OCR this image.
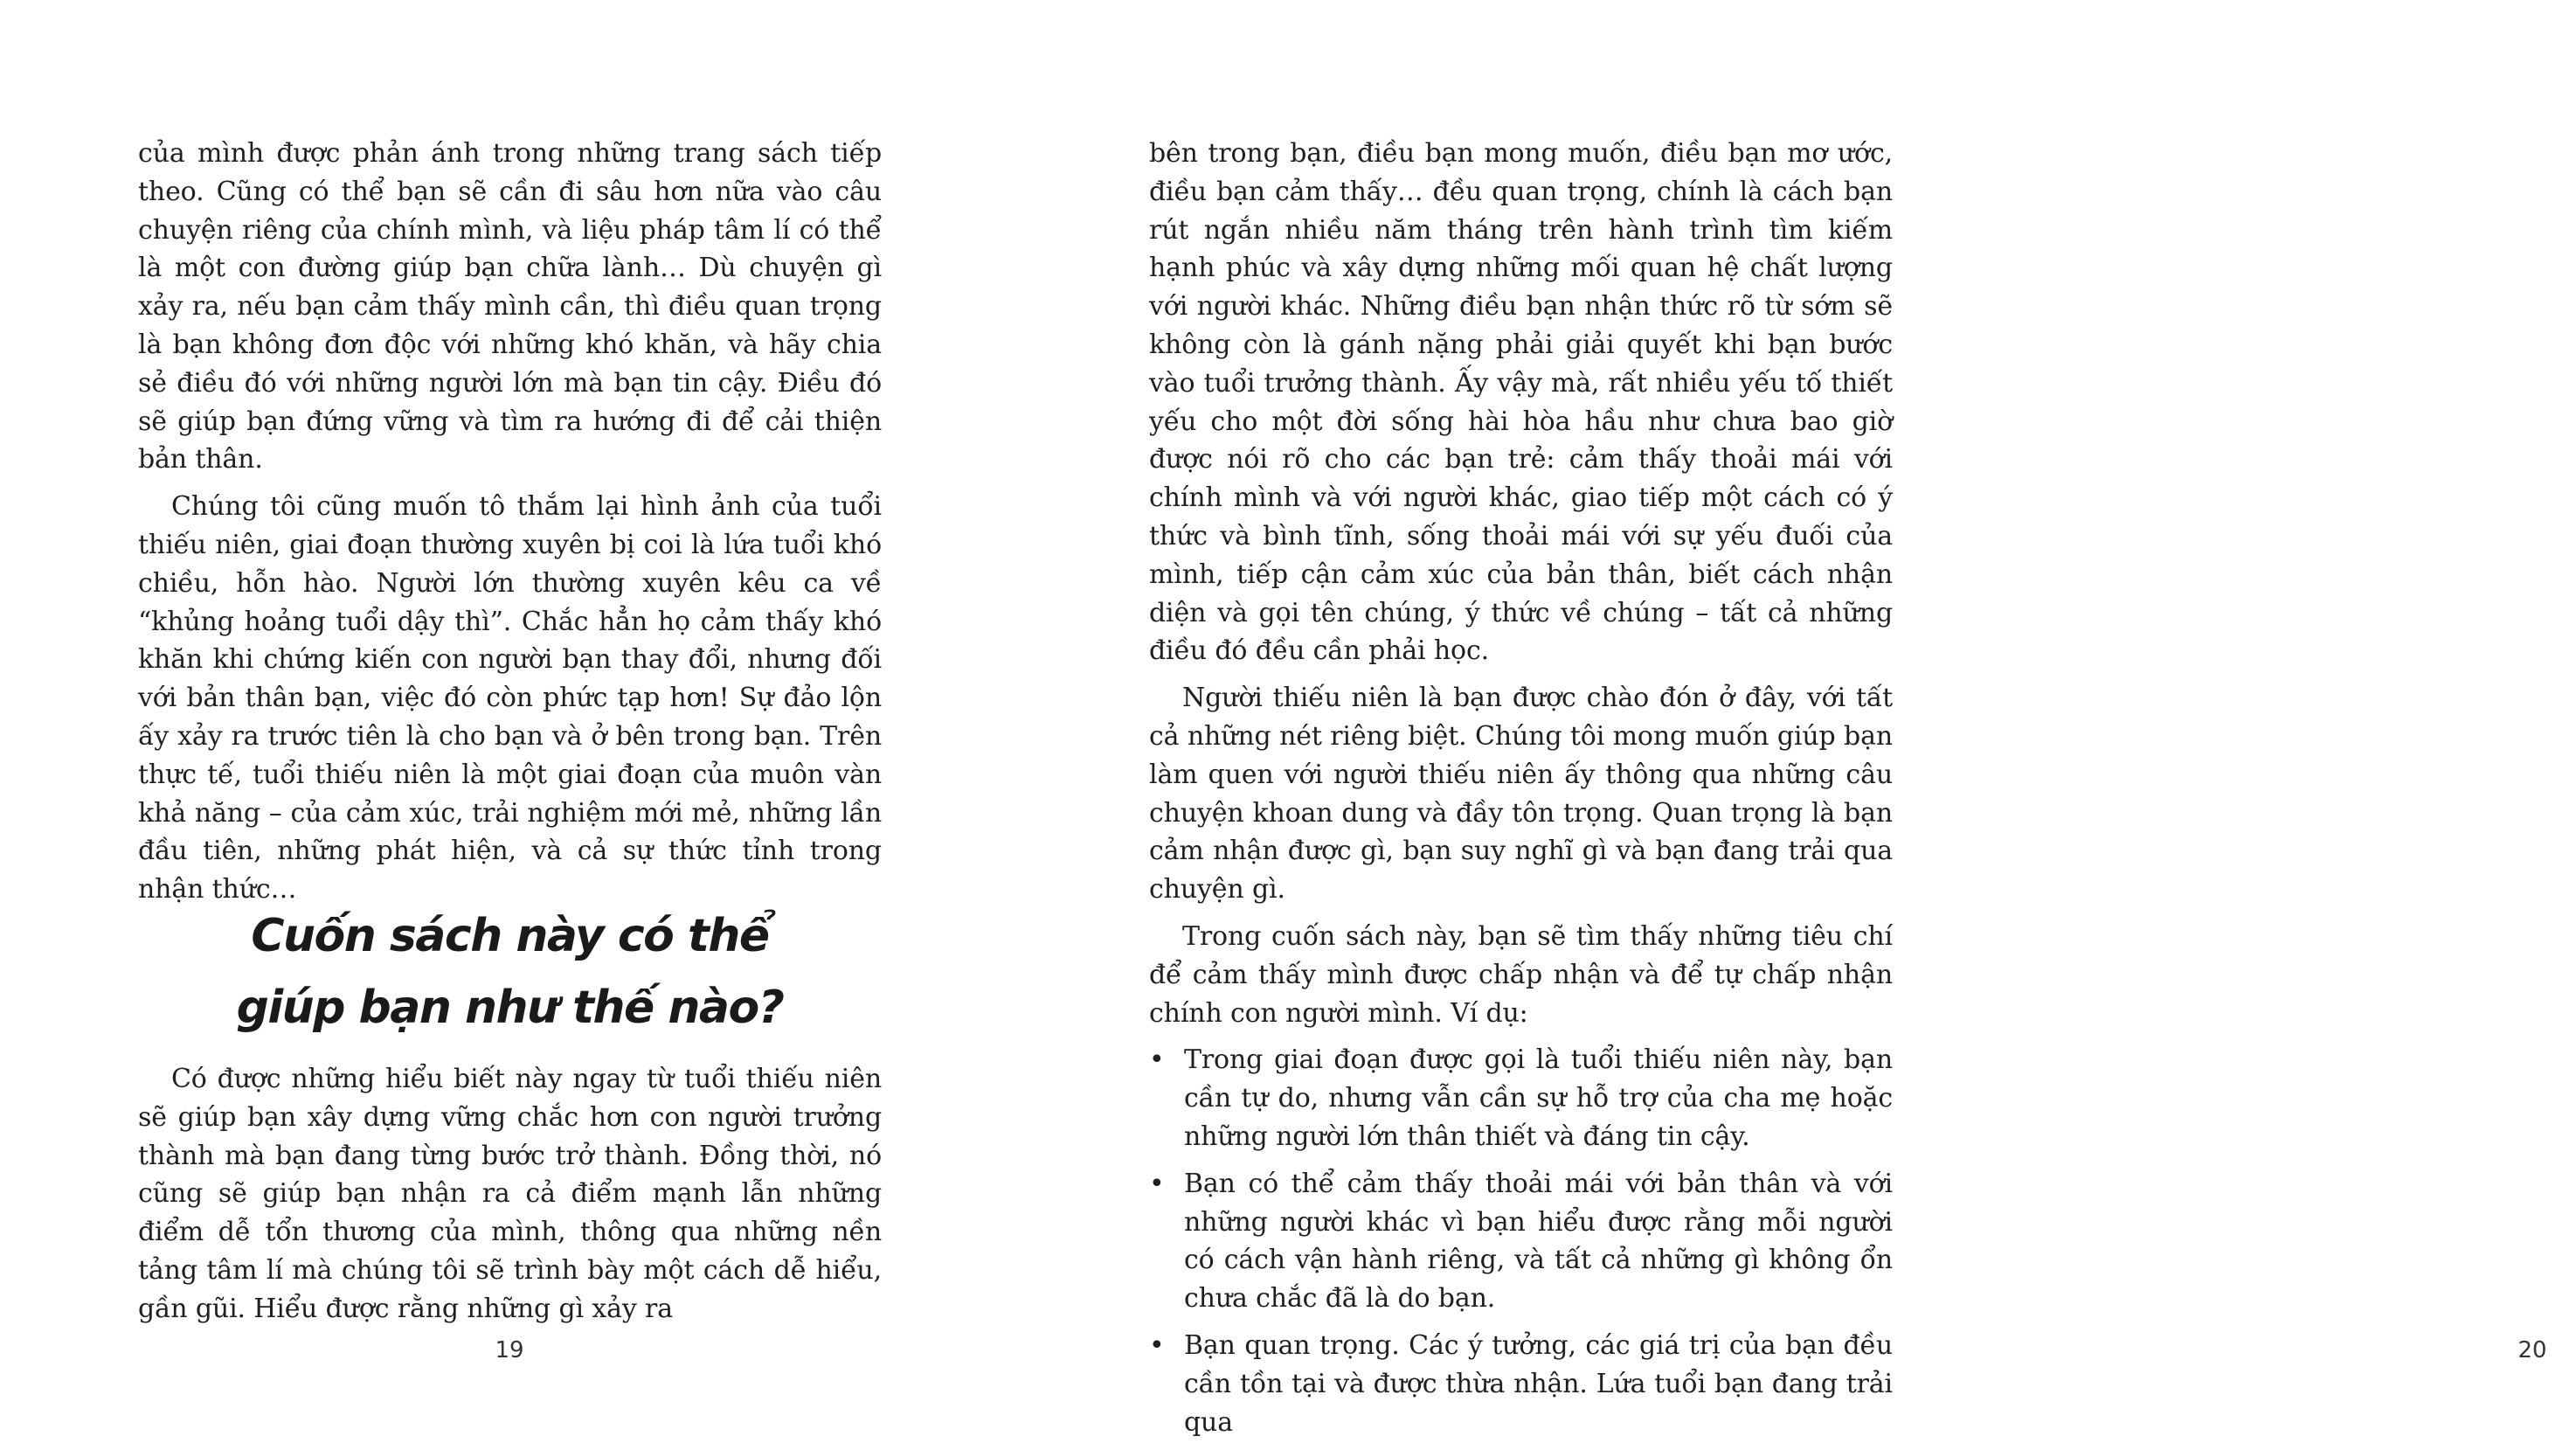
của mình được phản ánh trong những trang sách tiếp theo. Cũng có thể bạn sẽ cần đi sâu hơn nữa vào câu chuyện riêng của chính mình, và liệu pháp tâm lí có thể là một con đường giúp bạn chữa lành… Dù chuyện gì xảy ra, nếu bạn cảm thấy mình cần, thì điều quan trọng là bạn không đơn độc với những khó khăn, và hãy chia sẻ điều đó với những người lớn mà bạn tin cậy. Điều đó sẽ giúp bạn đứng vững và tìm ra hướng đi để cải thiện bản thân.

Chúng tôi cũng muốn tô thắm lại hình ảnh của tuổi thiếu niên, giai đoạn thường xuyên bị coi là lứa tuổi khó chiều, hỗn hào. Người lớn thường xuyên kêu ca về “khủng hoảng tuổi dậy thì”. Chắc hẳn họ cảm thấy khó khăn khi chứng kiến con người bạn thay đổi, nhưng đối với bản thân bạn, việc đó còn phức tạp hơn! Sự đảo lộn ấy xảy ra trước tiên là cho bạn và ở bên trong bạn. Trên thực tế, tuổi thiếu niên là một giai đoạn của muôn vàn khả năng – của cảm xúc, trải nghiệm mới mẻ, những lần đầu tiên, những phát hiện, và cả sự thức tỉnh trong nhận thức…

Cuốn sách này có thể
giúp bạn như thế nào?

Có được những hiểu biết này ngay từ tuổi thiếu niên sẽ giúp bạn xây dựng vững chắc hơn con người trưởng thành mà bạn đang từng bước trở thành. Đồng thời, nó cũng sẽ giúp bạn nhận ra cả điểm mạnh lẫn những điểm dễ tổn thương của mình, thông qua những nền tảng tâm lí mà chúng tôi sẽ trình bày một cách dễ hiểu, gần gũi. Hiểu được rằng những gì xảy ra

19

bên trong bạn, điều bạn mong muốn, điều bạn mơ ước, điều bạn cảm thấy… đều quan trọng, chính là cách bạn rút ngắn nhiều năm tháng trên hành trình tìm kiếm hạnh phúc và xây dựng những mối quan hệ chất lượng với người khác. Những điều bạn nhận thức rõ từ sớm sẽ không còn là gánh nặng phải giải quyết khi bạn bước vào tuổi trưởng thành. Ấy vậy mà, rất nhiều yếu tố thiết yếu cho một đời sống hài hòa hầu như chưa bao giờ được nói rõ cho các bạn trẻ: cảm thấy thoải mái với chính mình và với người khác, giao tiếp một cách có ý thức và bình tĩnh, sống thoải mái với sự yếu đuối của mình, tiếp cận cảm xúc của bản thân, biết cách nhận diện và gọi tên chúng, ý thức về chúng – tất cả những điều đó đều cần phải học.

Người thiếu niên là bạn được chào đón ở đây, với tất cả những nét riêng biệt. Chúng tôi mong muốn giúp bạn làm quen với người thiếu niên ấy thông qua những câu chuyện khoan dung và đầy tôn trọng. Quan trọng là bạn cảm nhận được gì, bạn suy nghĩ gì và bạn đang trải qua chuyện gì.

Trong cuốn sách này, bạn sẽ tìm thấy những tiêu chí để cảm thấy mình được chấp nhận và để tự chấp nhận chính con người mình. Ví dụ:

• Trong giai đoạn được gọi là tuổi thiếu niên này, bạn cần tự do, nhưng vẫn cần sự hỗ trợ của cha mẹ hoặc những người lớn thân thiết và đáng tin cậy.
• Bạn có thể cảm thấy thoải mái với bản thân và với những người khác vì bạn hiểu được rằng mỗi người có cách vận hành riêng, và tất cả những gì không ổn chưa chắc đã là do bạn.
• Bạn quan trọng. Các ý tưởng, các giá trị của bạn đều cần tồn tại và được thừa nhận. Lứa tuổi bạn đang trải qua
20
